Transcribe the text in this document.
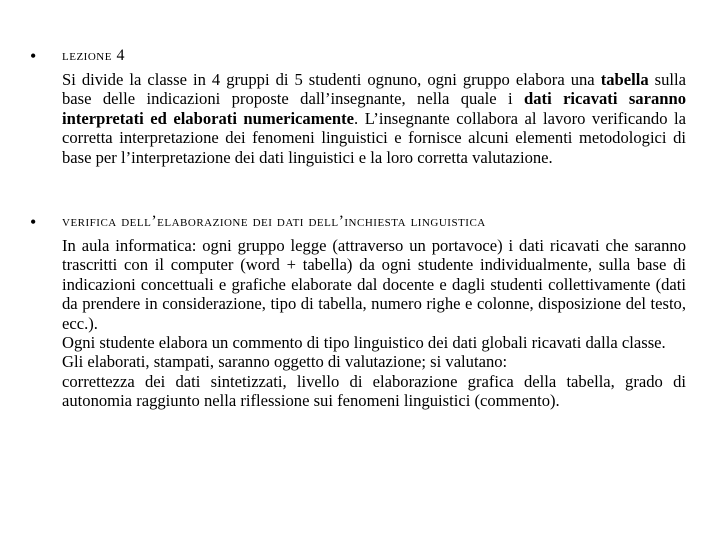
• lezione 4

Si divide la classe in 4 gruppi di 5 studenti ognuno, ogni gruppo elabora una tabella sulla base delle indicazioni proposte dall’insegnante, nella quale i dati ricavati saranno interpretati ed elaborati numericamente. L’insegnante collabora al lavoro verificando la corretta interpretazione dei fenomeni linguistici e fornisce alcuni elementi metodologici di base per l’interpretazione dei dati linguistici e la loro corretta valutazione.

• verifica dell’elaborazione dei dati dell’inchiesta linguistica

In aula informatica: ogni gruppo legge (attraverso un portavoce) i dati ricavati che saranno trascritti con il computer (word + tabella) da ogni studente individualmente, sulla base di indicazioni concettuali e grafiche elaborate dal docente e dagli studenti collettivamente (dati da prendere in considerazione, tipo di tabella, numero righe e colonne, disposizione del testo, ecc.).

Ogni studente elabora un commento di tipo linguistico dei dati globali ricavati dalla classe.

Gli elaborati, stampati, saranno oggetto di valutazione; si valutano:

correttezza dei dati sintetizzati, livello di elaborazione grafica della tabella, grado di autonomia raggiunto nella riflessione sui fenomeni linguistici (commento).
